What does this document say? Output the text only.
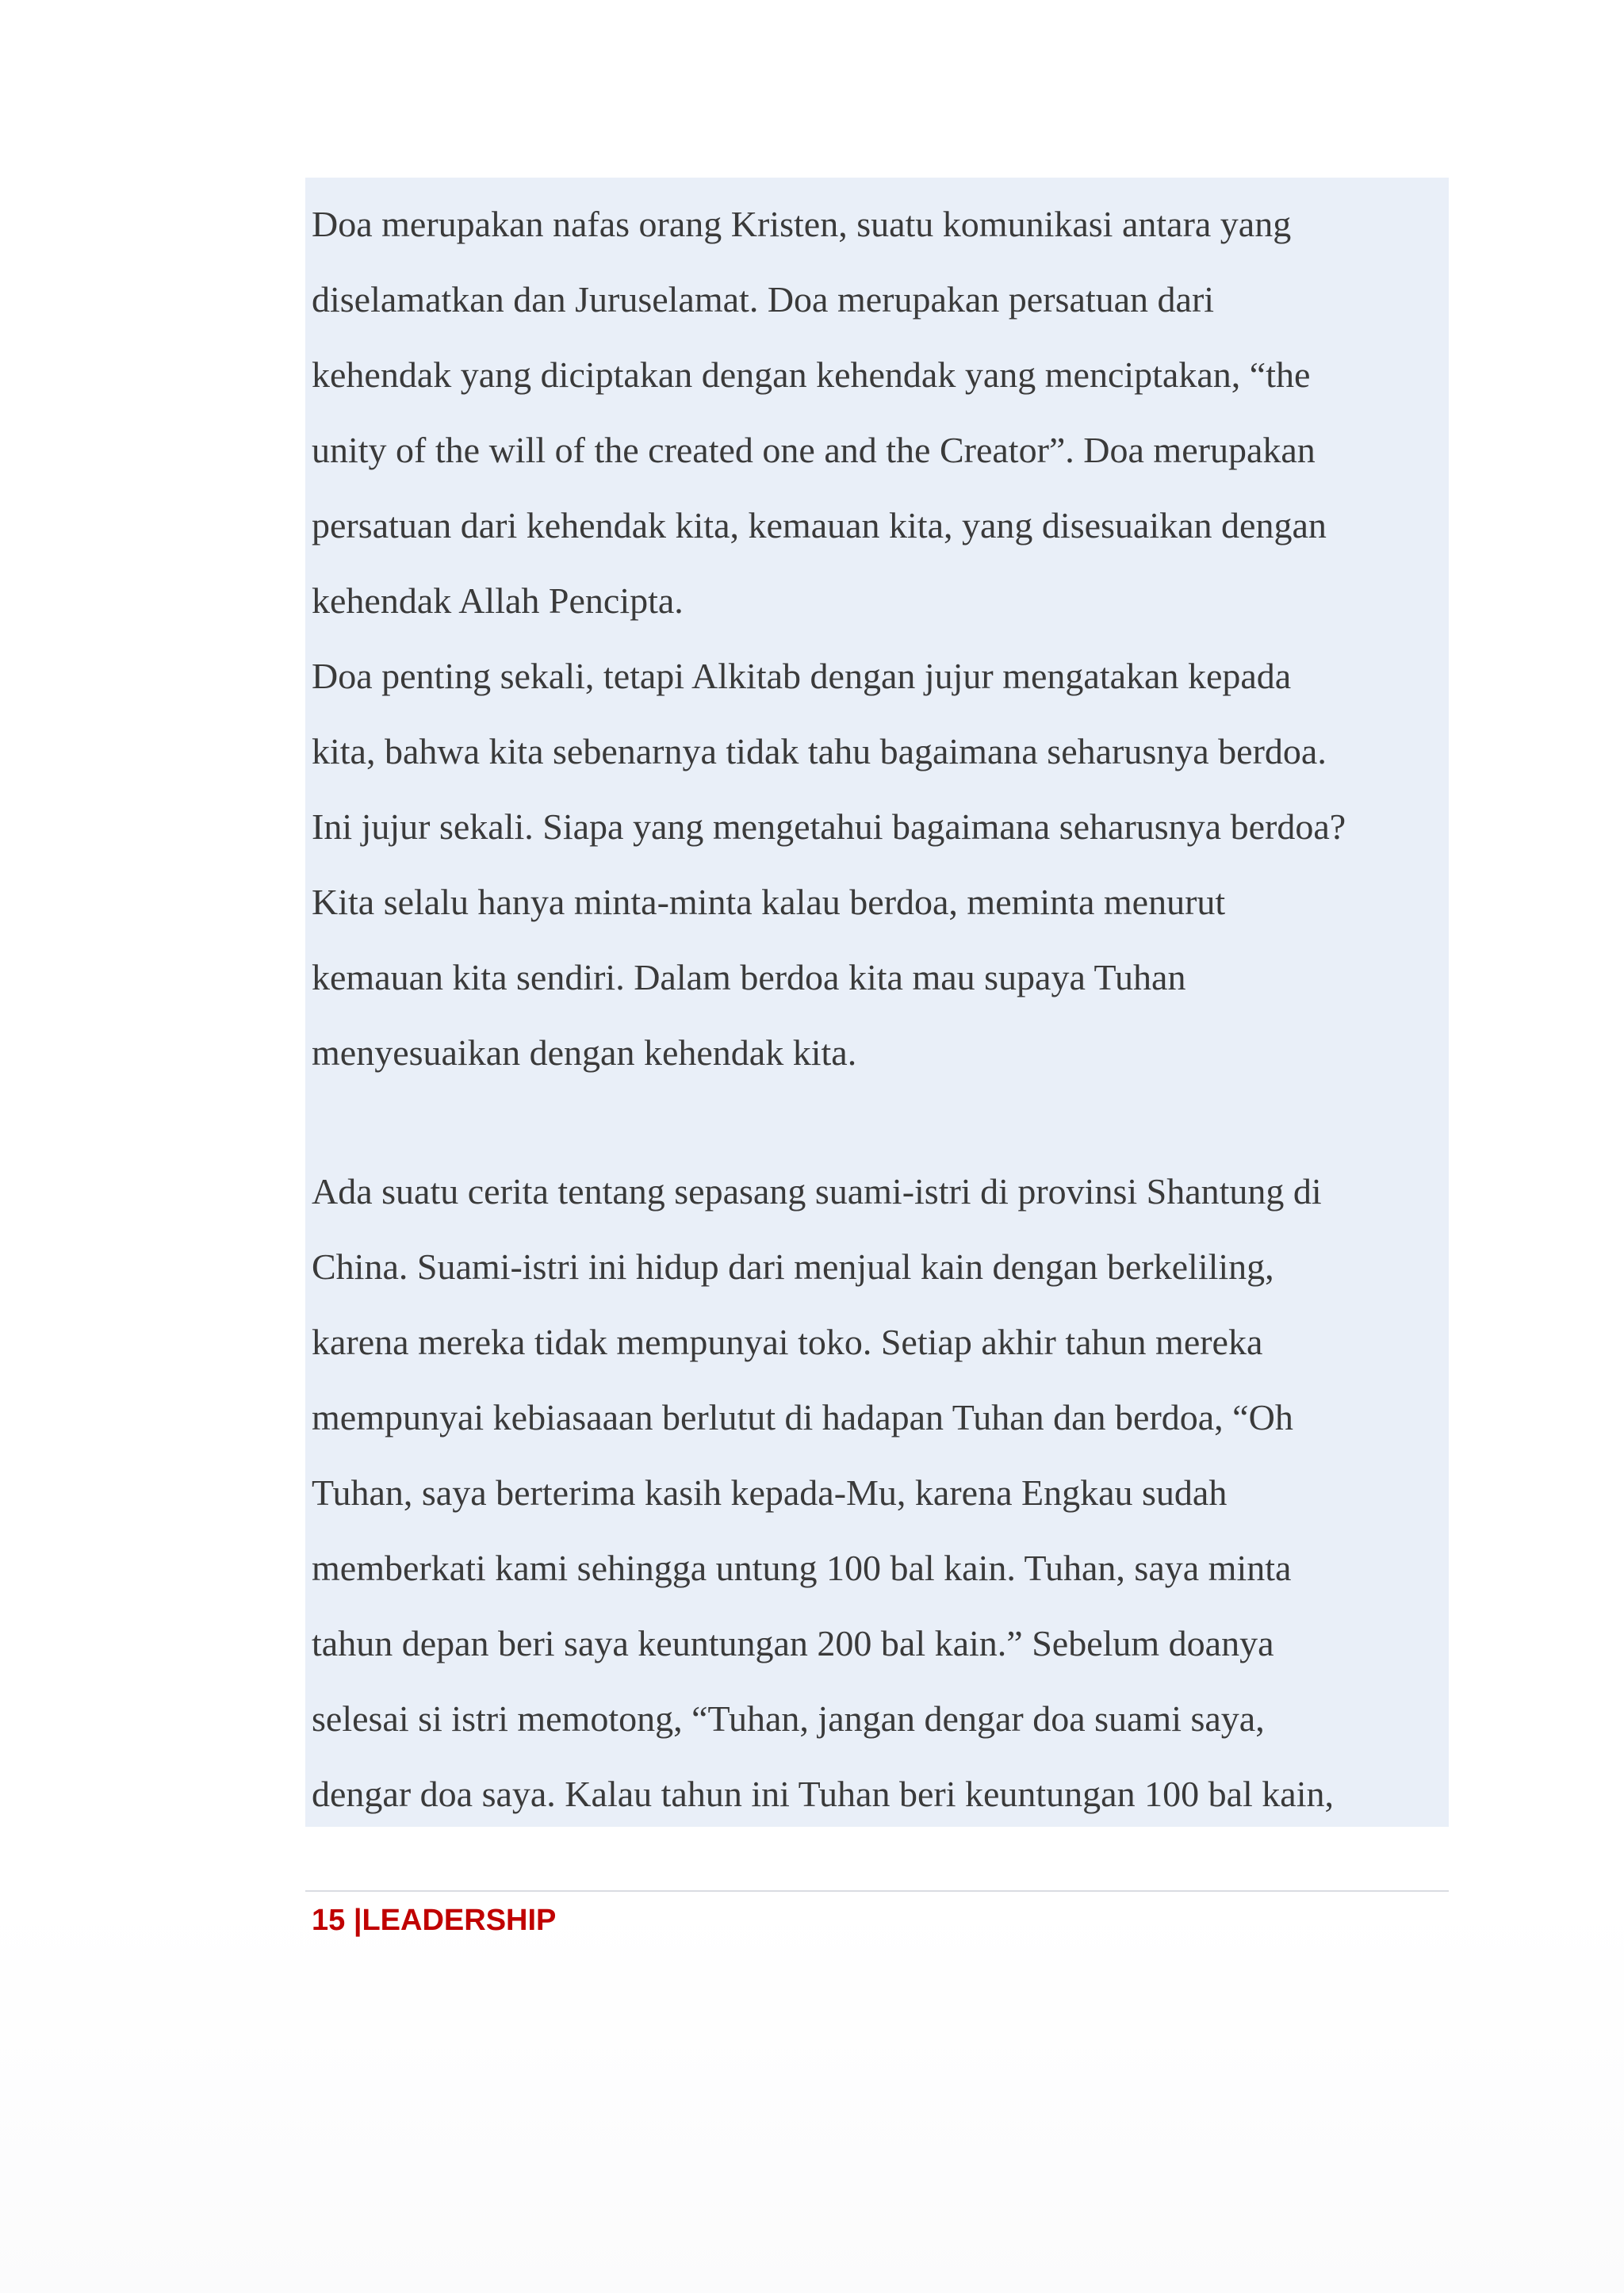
Doa merupakan nafas orang Kristen, suatu komunikasi antara yang
diselamatkan dan Juruselamat. Doa merupakan persatuan dari
kehendak yang diciptakan dengan kehendak yang menciptakan, “the
unity of the will of the created one and the Creator”. Doa merupakan
persatuan dari kehendak kita, kemauan kita, yang disesuaikan dengan
kehendak Allah Pencipta.
Doa penting sekali, tetapi Alkitab dengan jujur mengatakan kepada
kita, bahwa kita sebenarnya tidak tahu bagaimana seharusnya berdoa.
Ini jujur sekali. Siapa yang mengetahui bagaimana seharusnya berdoa?
Kita selalu hanya minta-minta kalau berdoa, meminta menurut
kemauan kita sendiri. Dalam berdoa kita mau supaya Tuhan
menyesuaikan dengan kehendak kita.
Ada suatu cerita tentang sepasang suami-istri di provinsi Shantung di
China. Suami-istri ini hidup dari menjual kain dengan berkeliling,
karena mereka tidak mempunyai toko. Setiap akhir tahun mereka
mempunyai kebiasaaan berlutut di hadapan Tuhan dan berdoa, “Oh
Tuhan, saya berterima kasih kepada-Mu, karena Engkau sudah
memberkati kami sehingga untung 100 bal kain. Tuhan, saya minta
tahun depan beri saya keuntungan 200 bal kain.” Sebelum doanya
selesai si istri memotong, “Tuhan, jangan dengar doa suami saya,
dengar doa saya. Kalau tahun ini Tuhan beri keuntungan 100 bal kain,
15 |LEADERSHIP
